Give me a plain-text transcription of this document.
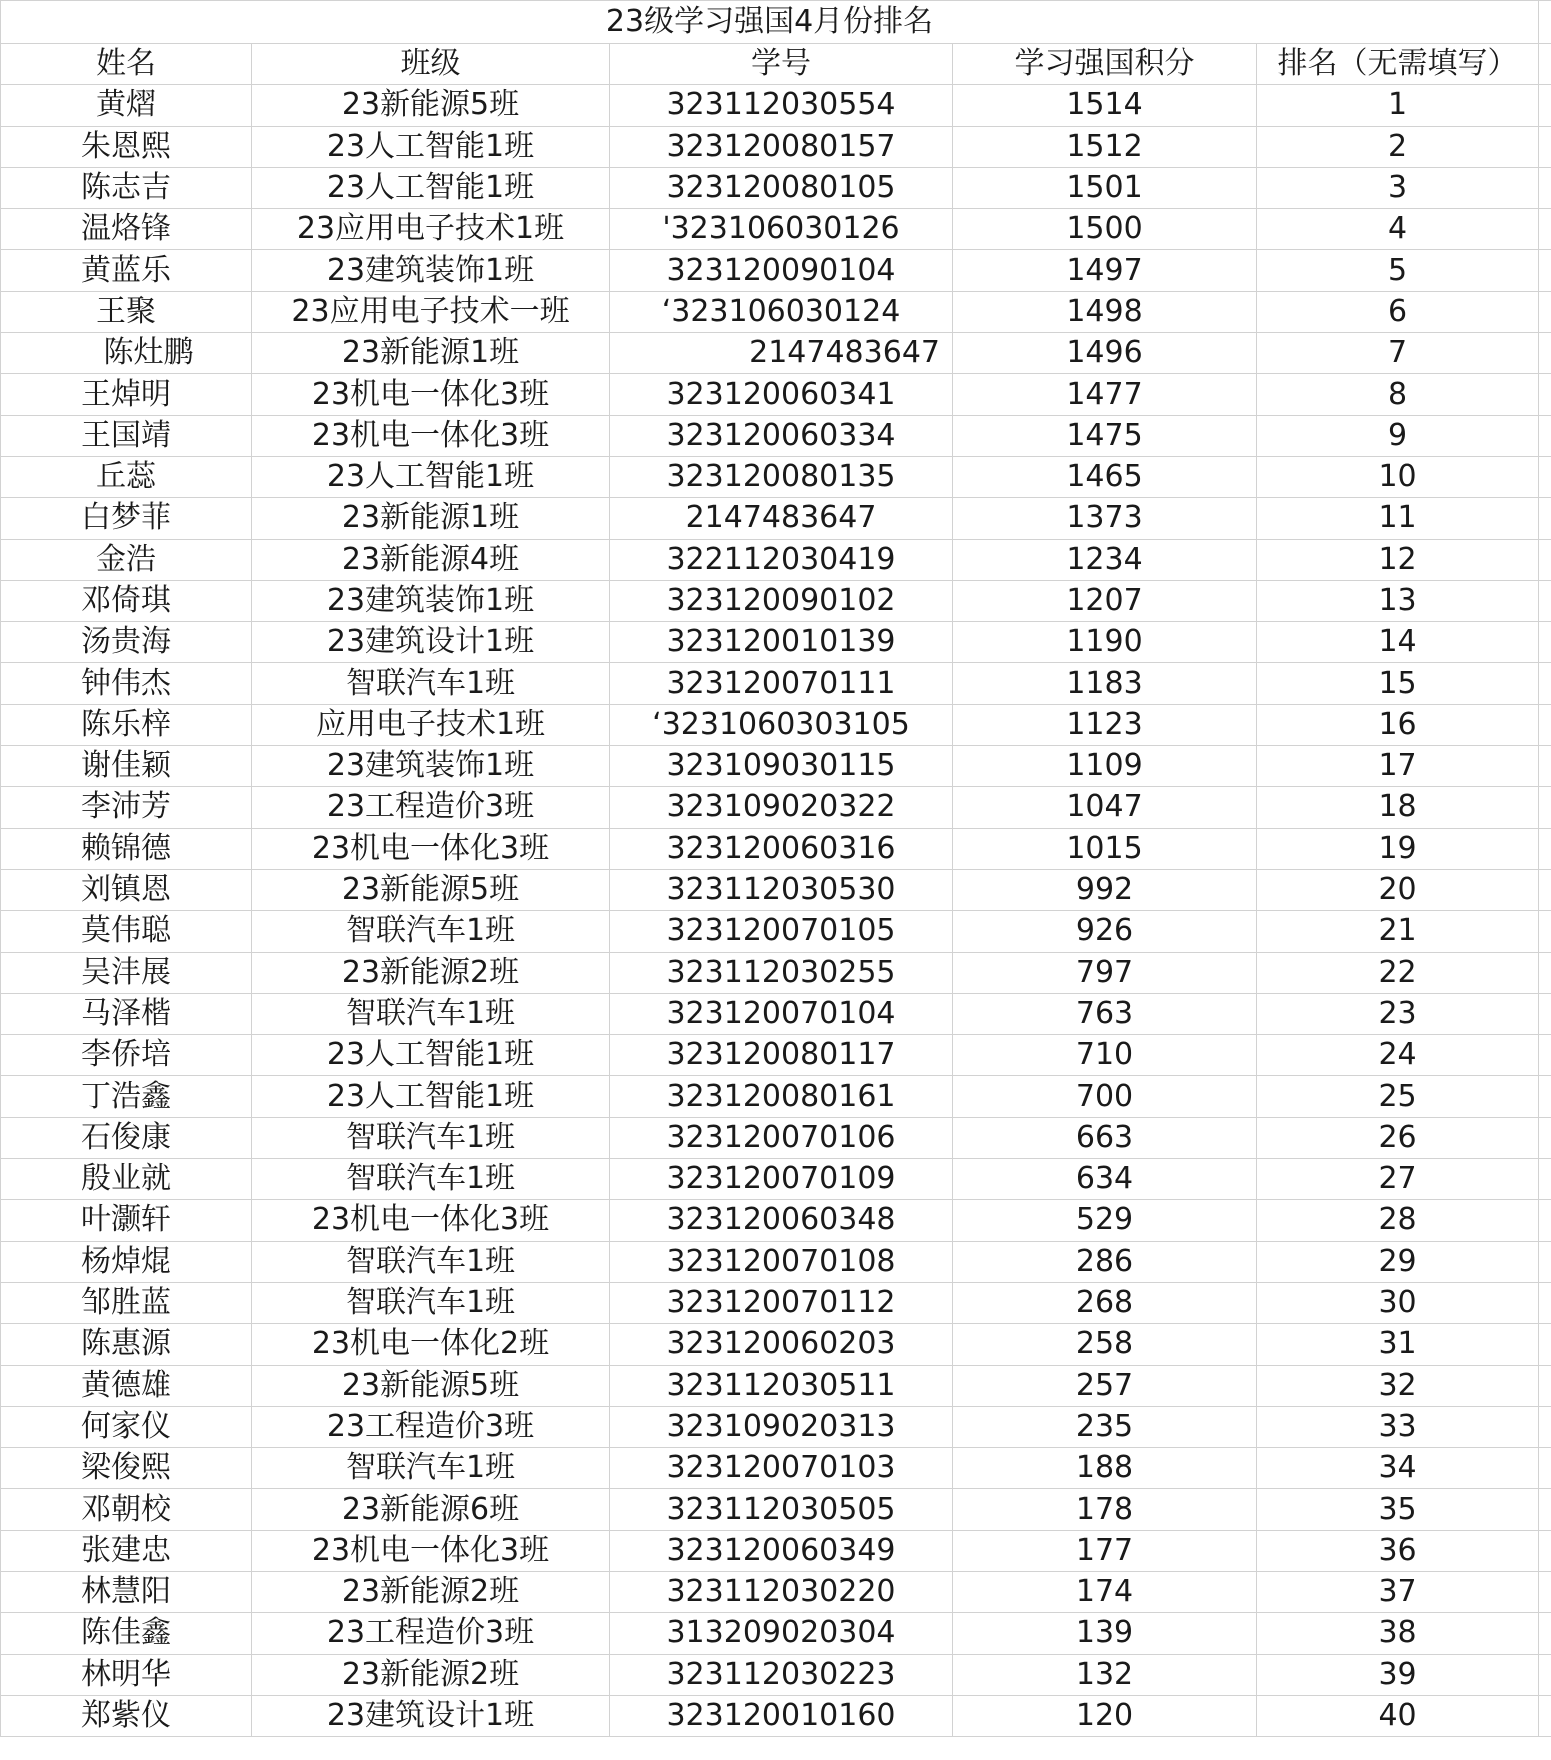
23级学习强国4月份排名					
姓名	班级	学号	学习强国积分	排名（无需填写）	
黄熠	23新能源5班	323112030554	1514	1	
朱恩熙	23人工智能1班	323120080157	1512	2	
陈志吉	23人工智能1班	323120080105	1501	3	
温烙锋	23应用电子技术1班	'323106030126	1500	4	
黄蓝乐	23建筑装饰1班	323120090104	1497	5	
王聚	23应用电子技术一班	‘323106030124	1498	6	
陈灶鹏	23新能源1班	2147483647	1496	7	
王焯明	23机电一体化3班	323120060341	1477	8	
王国靖	23机电一体化3班	323120060334	1475	9	
丘蕊	23人工智能1班	323120080135	1465	10	
白梦菲	23新能源1班	2147483647	1373	11	
金浩	23新能源4班	322112030419	1234	12	
邓倚琪	23建筑装饰1班	323120090102	1207	13	
汤贵海	23建筑设计1班	323120010139	1190	14	
钟伟杰	智联汽车1班	323120070111	1183	15	
陈乐梓	应用电子技术1班	‘3231060303105	1123	16	
谢佳颖	23建筑装饰1班	323109030115	1109	17	
李沛芳	23工程造价3班	323109020322	1047	18	
赖锦德	23机电一体化3班	323120060316	1015	19	
刘镇恩	23新能源5班	323112030530	992	20	
莫伟聪	智联汽车1班	323120070105	926	21	
吴沣展	23新能源2班	323112030255	797	22	
马泽楷	智联汽车1班	323120070104	763	23	
李侨培	23人工智能1班	323120080117	710	24	
丁浩鑫	23人工智能1班	323120080161	700	25	
石俊康	智联汽车1班	323120070106	663	26	
殷业就	智联汽车1班	323120070109	634	27	
叶灏轩	23机电一体化3班	323120060348	529	28	
杨焯焜	智联汽车1班	323120070108	286	29	
邹胜蓝	智联汽车1班	323120070112	268	30	
陈惠源	23机电一体化2班	323120060203	258	31	
黄德雄	23新能源5班	323112030511	257	32	
何家仪	23工程造价3班	323109020313	235	33	
梁俊熙	智联汽车1班	323120070103	188	34	
邓朝校	23新能源6班	323112030505	178	35	
张建忠	23机电一体化3班	323120060349	177	36	
林慧阳	23新能源2班	323112030220	174	37	
陈佳鑫	23工程造价3班	313209020304	139	38	
林明华	23新能源2班	323112030223	132	39	
郑紫仪	23建筑设计1班	323120010160	120	40	
